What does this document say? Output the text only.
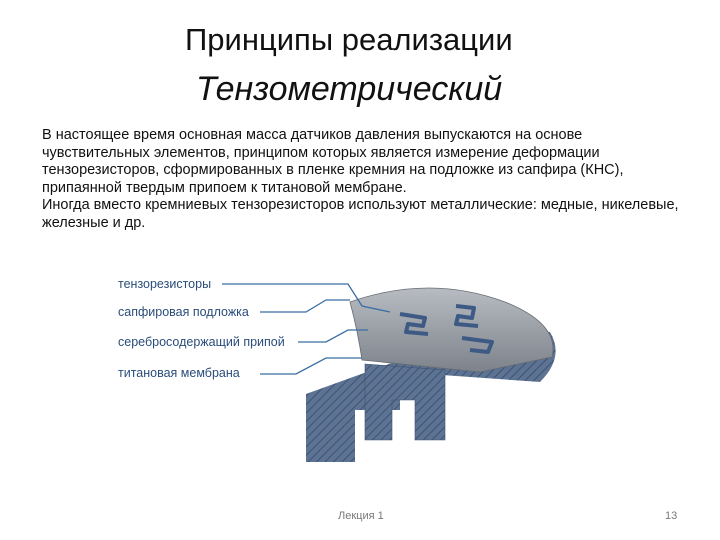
Принципы реализации
Тензометрический

В настоящее время основная масса датчиков давления выпускаются на основе чувствительных элементов, принципом которых является измерение деформации тензорезисторов, сформированных в пленке кремния на подложке из сапфира (КНС), припаянной твердым припоем к титановой мембране.

Иногда вместо кремниевых тензорезисторов используют металлические: медные, никелевые, железные и др.

тензорезисторы
сапфировая подложка
серебросодержащий припой
титановая мембрана
Лекция 1	13
